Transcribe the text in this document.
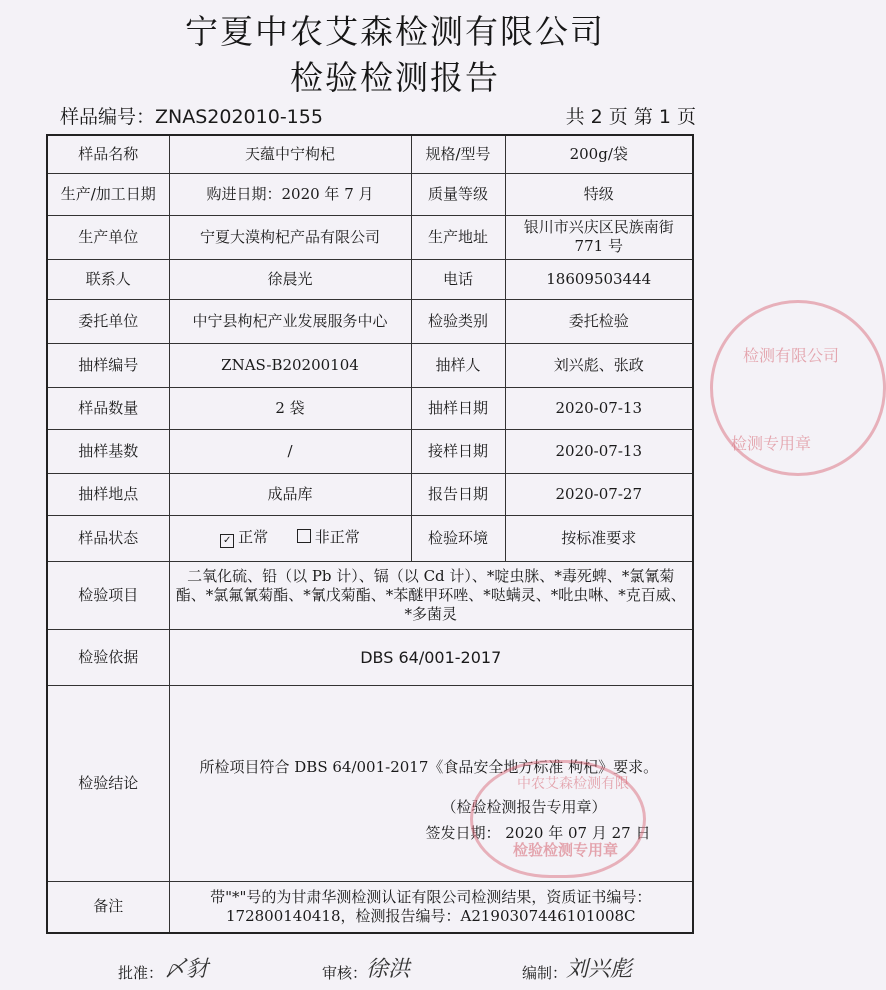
宁夏中农艾森检测有限公司
检验检测报告
样品编号：ZNAS202010-155	共 2 页 第 1 页
样品名称	天蕴中宁枸杞	规格/型号	200g/袋
生产/加工日期	购进日期：2020 年 7 月	质量等级	特级
生产单位	宁夏大漠枸杞产品有限公司	生产地址	银川市兴庆区民族南街771 号
联系人	徐晨光	电话	18609503444
委托单位	中宁县枸杞产业发展服务中心	检验类别	委托检验
抽样编号	ZNAS-B20200104	抽样人	刘兴彪、张政
样品数量	2 袋	抽样日期	2020-07-13
抽样基数	/	接样日期	2020-07-13
抽样地点	成品库	报告日期	2020-07-27
样品状态	✓ 正常 非正常	检验环境	按标准要求
检验项目	二氧化硫、铅（以 Pb 计）、镉（以 Cd 计）、*啶虫脒、*毒死蜱、*氯氰菊酯、*氯氟氰菊酯、*氰戊菊酯、*苯醚甲环唑、*哒螨灵、*吡虫啉、*克百威、*多菌灵		
检验依据	DBS 64/001-2017		
检验结论	所检项目符合 DBS 64/001-2017《食品安全地方标准 枸杞》要求。
（检验检测报告专用章）
签发日期： 2020 年 07 月 27 日		

备注	带"*"号的为甘肃华测检测认证有限公司检测结果，资质证书编号：172800140418，检测报告编号：A2190307446101008C		
批准： 〆豺	审核：
徐洪	编制：
刘兴彪
检测有限公司
检测专用章
中农艾森检测有限
检验检测专用章
